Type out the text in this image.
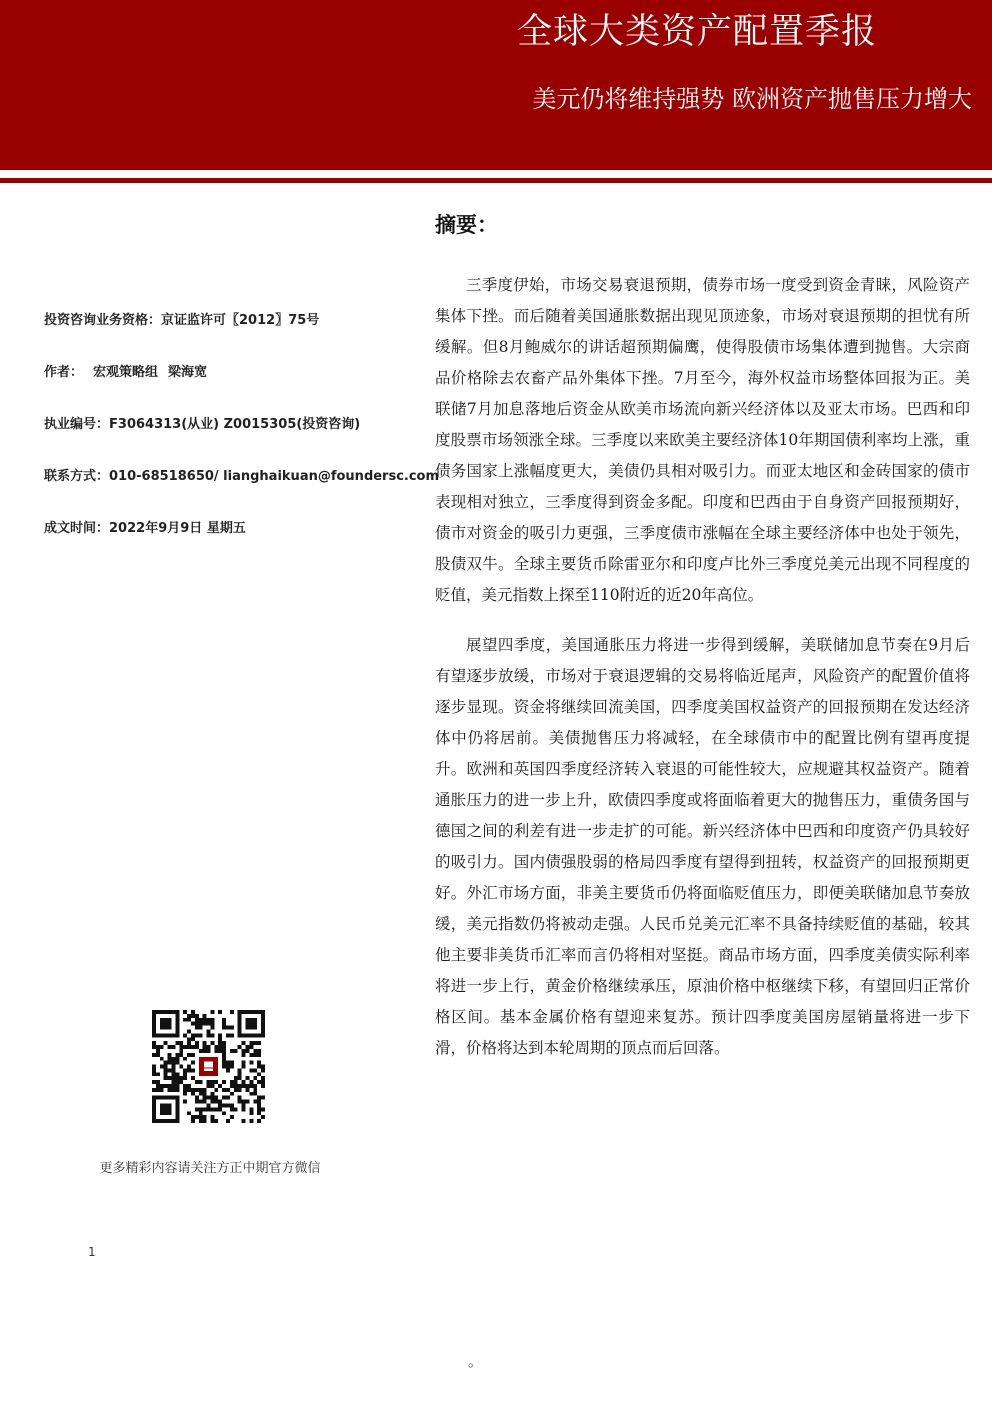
全球大类资产配置季报
美元仍将维持强势 欧洲资产抛售压力增大
投资咨询业务资格：京证监许可〖2012〗75号
作者： 宏观策略组 梁海宽
执业编号：F3064313(从业) Z0015305(投资咨询)
联系方式：010-68518650/ lianghaikuan@foundersc.com
成文时间：2022年9月9日 星期五
更多精彩内容请关注方正中期官方微信
1
摘要：

三季度伊始，市场交易衰退预期，债券市场一度受到资金青睐，风险资产集体下挫。而后随着美国通胀数据出现见顶迹象，市场对衰退预期的担忧有所缓解。但8月鲍威尔的讲话超预期偏鹰，使得股债市场集体遭到抛售。大宗商品价格除去农畜产品外集体下挫。7月至今，海外权益市场整体回报为正。美联储7月加息落地后资金从欧美市场流向新兴经济体以及亚太市场。巴西和印度股票市场领涨全球。三季度以来欧美主要经济体10年期国债利率均上涨，重债务国家上涨幅度更大，美债仍具相对吸引力。而亚太地区和金砖国家的债市表现相对独立，三季度得到资金多配。印度和巴西由于自身资产回报预期好，债市对资金的吸引力更强，三季度债市涨幅在全球主要经济体中也处于领先，股债双牛。全球主要货币除雷亚尔和印度卢比外三季度兑美元出现不同程度的贬值，美元指数上探至110附近的近20年高位。

展望四季度，美国通胀压力将进一步得到缓解，美联储加息节奏在9月后有望逐步放缓，市场对于衰退逻辑的交易将临近尾声，风险资产的配置价值将逐步显现。资金将继续回流美国，四季度美国权益资产的回报预期在发达经济体中仍将居前。美债抛售压力将减轻，在全球债市中的配置比例有望再度提升。欧洲和英国四季度经济转入衰退的可能性较大，应规避其权益资产。随着通胀压力的进一步上升，欧债四季度或将面临着更大的抛售压力，重债务国与德国之间的利差有进一步走扩的可能。新兴经济体中巴西和印度资产仍具较好的吸引力。国内债强股弱的格局四季度有望得到扭转，权益资产的回报预期更好。外汇市场方面，非美主要货币仍将面临贬值压力，即便美联储加息节奏放缓，美元指数仍将被动走强。人民币兑美元汇率不具备持续贬值的基础，较其他主要非美货币汇率而言仍将相对坚挺。商品市场方面，四季度美债实际利率将进一步上行，黄金价格继续承压，原油价格中枢继续下移，有望回归正常价格区间。基本金属价格有望迎来复苏。预计四季度美国房屋销量将进一步下滑，价格将达到本轮周期的顶点而后回落。

。
